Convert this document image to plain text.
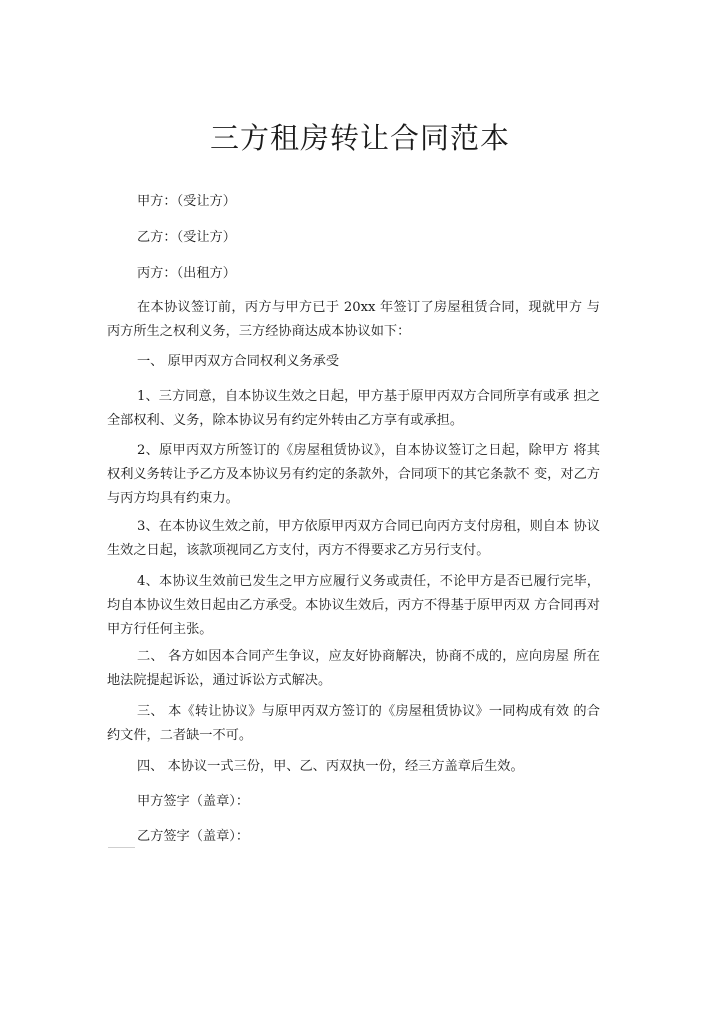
三方租房转让合同范本

甲方：（受让方）

乙方：（受让方）

丙方：（出租方）

在本协议签订前，丙方与甲方已于 20xx 年签订了房屋租赁合同，现就甲方 与丙方所生之权利义务，三方经协商达成本协议如下：

一、 原甲丙双方合同权利义务承受

1、三方同意，自本协议生效之日起，甲方基于原甲丙双方合同所享有或承 担之全部权利、义务，除本协议另有约定外转由乙方享有或承担。

2、原甲丙双方所签订的《房屋租赁协议》，自本协议签订之日起，除甲方 将其权利义务转让予乙方及本协议另有约定的条款外，合同项下的其它条款不 变，对乙方与丙方均具有约束力。

3、在本协议生效之前，甲方依原甲丙双方合同已向丙方支付房租，则自本 协议生效之日起，该款项视同乙方支付，丙方不得要求乙方另行支付。

4、本协议生效前已发生之甲方应履行义务或责任，不论甲方是否已履行完毕，均自本协议生效日起由乙方承受。本协议生效后，丙方不得基于原甲丙双 方合同再对甲方行任何主张。

二、 各方如因本合同产生争议，应友好协商解决，协商不成的，应向房屋 所在地法院提起诉讼，通过诉讼方式解决。

三、 本《转让协议》与原甲丙双方签订的《房屋租赁协议》一同构成有效 的合约文件，二者缺一不可。

四、 本协议一式三份，甲、乙、丙双执一份，经三方盖章后生效。

甲方签字（盖章）：

乙方签字（盖章）：
